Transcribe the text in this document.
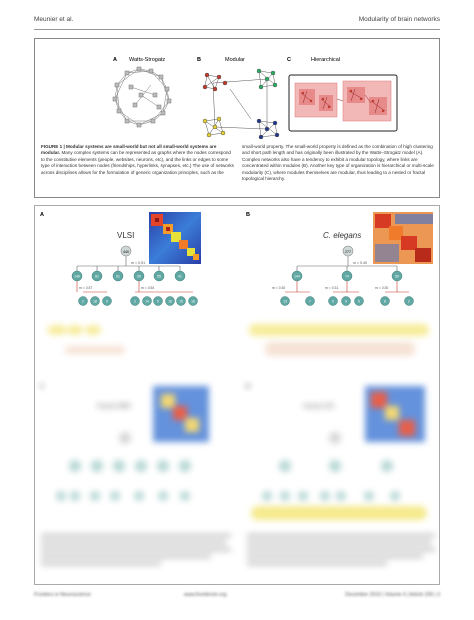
Meunier et al.	Modularity of brain networks
A Watts-Strogatz	B	Modular	C	Hierarchical
FIGURE 1 | Modular systems are small-world but not all small-world systems are modular. Many complex systems can be represented as graphs where the nodes correspond to the constitutive elements (people, websites, neurons, etc), and the links or edges to some type of interaction between nodes (friendships, hyperlinks, synapses, etc.) The use of networks across disciplines allows for the formulation of generic organization principles, such as the
small-world property. The small-world property is defined as the combination of high clustering and short path length and has originally been illustrated by the Watts–Strogatz model (A). Complex networks also have a tendency to exhibit a modular topology, where links are concentrated within modules (B). Another key type of organization is hierarchical or multi-scale modularity (C), where modules themselves are modular, thus leading to a nested or fractal topological hierarchy.
A
VLSI
440
m = 0.51
146	81	61	56	55	41
m = 0.57	m = 0.54
2	18	9	2	14 5	16 15 18
B
C. elegans
277
m = 0.40
144	74	59
m = 0.30	m = 0.31	m = 0.30
13	7	9	9	6	8	2
C
Human fMRI
D
Human DSI
Frontiers in Neuroscience	www.frontiersin.org	December 2010 | Volume 4 | Article 200 | 3
